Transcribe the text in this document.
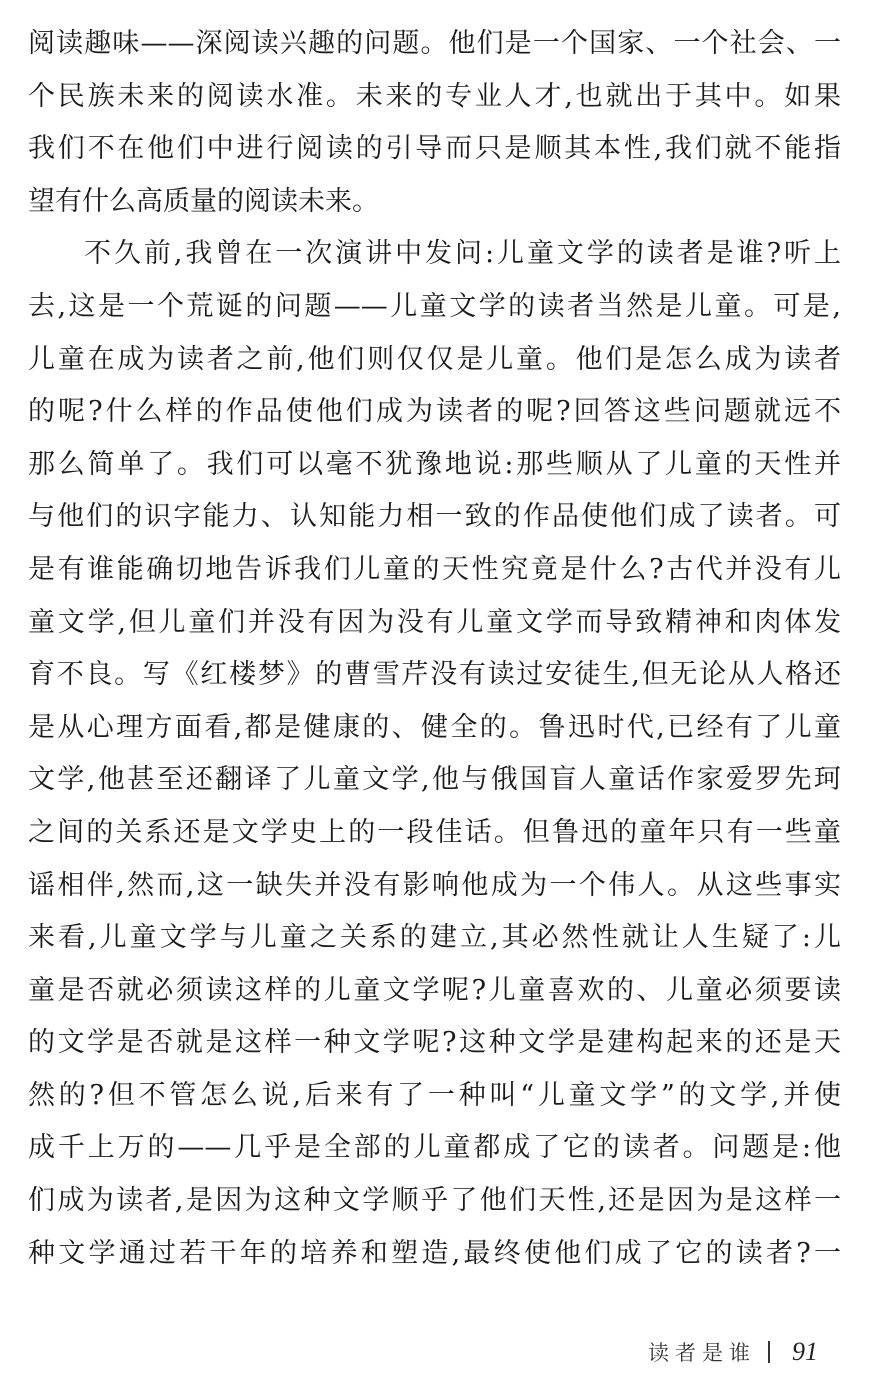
阅读趣味——深阅读兴趣的问题。他们是一个国家、一个社会、一
个民族未来的阅读水准。未来的专业人才,也就出于其中。如果
我们不在他们中进行阅读的引导而只是顺其本性,我们就不能指
望有什么高质量的阅读未来。
不久前,我曾在一次演讲中发问:儿童文学的读者是谁?听上
去,这是一个荒诞的问题——儿童文学的读者当然是儿童。可是,
儿童在成为读者之前,他们则仅仅是儿童。他们是怎么成为读者
的呢?什么样的作品使他们成为读者的呢?回答这些问题就远不
那么简单了。我们可以毫不犹豫地说:那些顺从了儿童的天性并
与他们的识字能力、认知能力相一致的作品使他们成了读者。可
是有谁能确切地告诉我们儿童的天性究竟是什么?古代并没有儿
童文学,但儿童们并没有因为没有儿童文学而导致精神和肉体发
育不良。写《红楼梦》的曹雪芹没有读过安徒生,但无论从人格还
是从心理方面看,都是健康的、健全的。鲁迅时代,已经有了儿童
文学,他甚至还翻译了儿童文学,他与俄国盲人童话作家爱罗先珂
之间的关系还是文学史上的一段佳话。但鲁迅的童年只有一些童
谣相伴,然而,这一缺失并没有影响他成为一个伟人。从这些事实
来看,儿童文学与儿童之关系的建立,其必然性就让人生疑了:儿
童是否就必须读这样的儿童文学呢?儿童喜欢的、儿童必须要读
的文学是否就是这样一种文学呢?这种文学是建构起来的还是天
然的?但不管怎么说,后来有了一种叫“儿童文学”的文学,并使
成千上万的——几乎是全部的儿童都成了它的读者。问题是:他
们成为读者,是因为这种文学顺乎了他们天性,还是因为是这样一
种文学通过若干年的培养和塑造,最终使他们成了它的读者?一
读者是谁 91
